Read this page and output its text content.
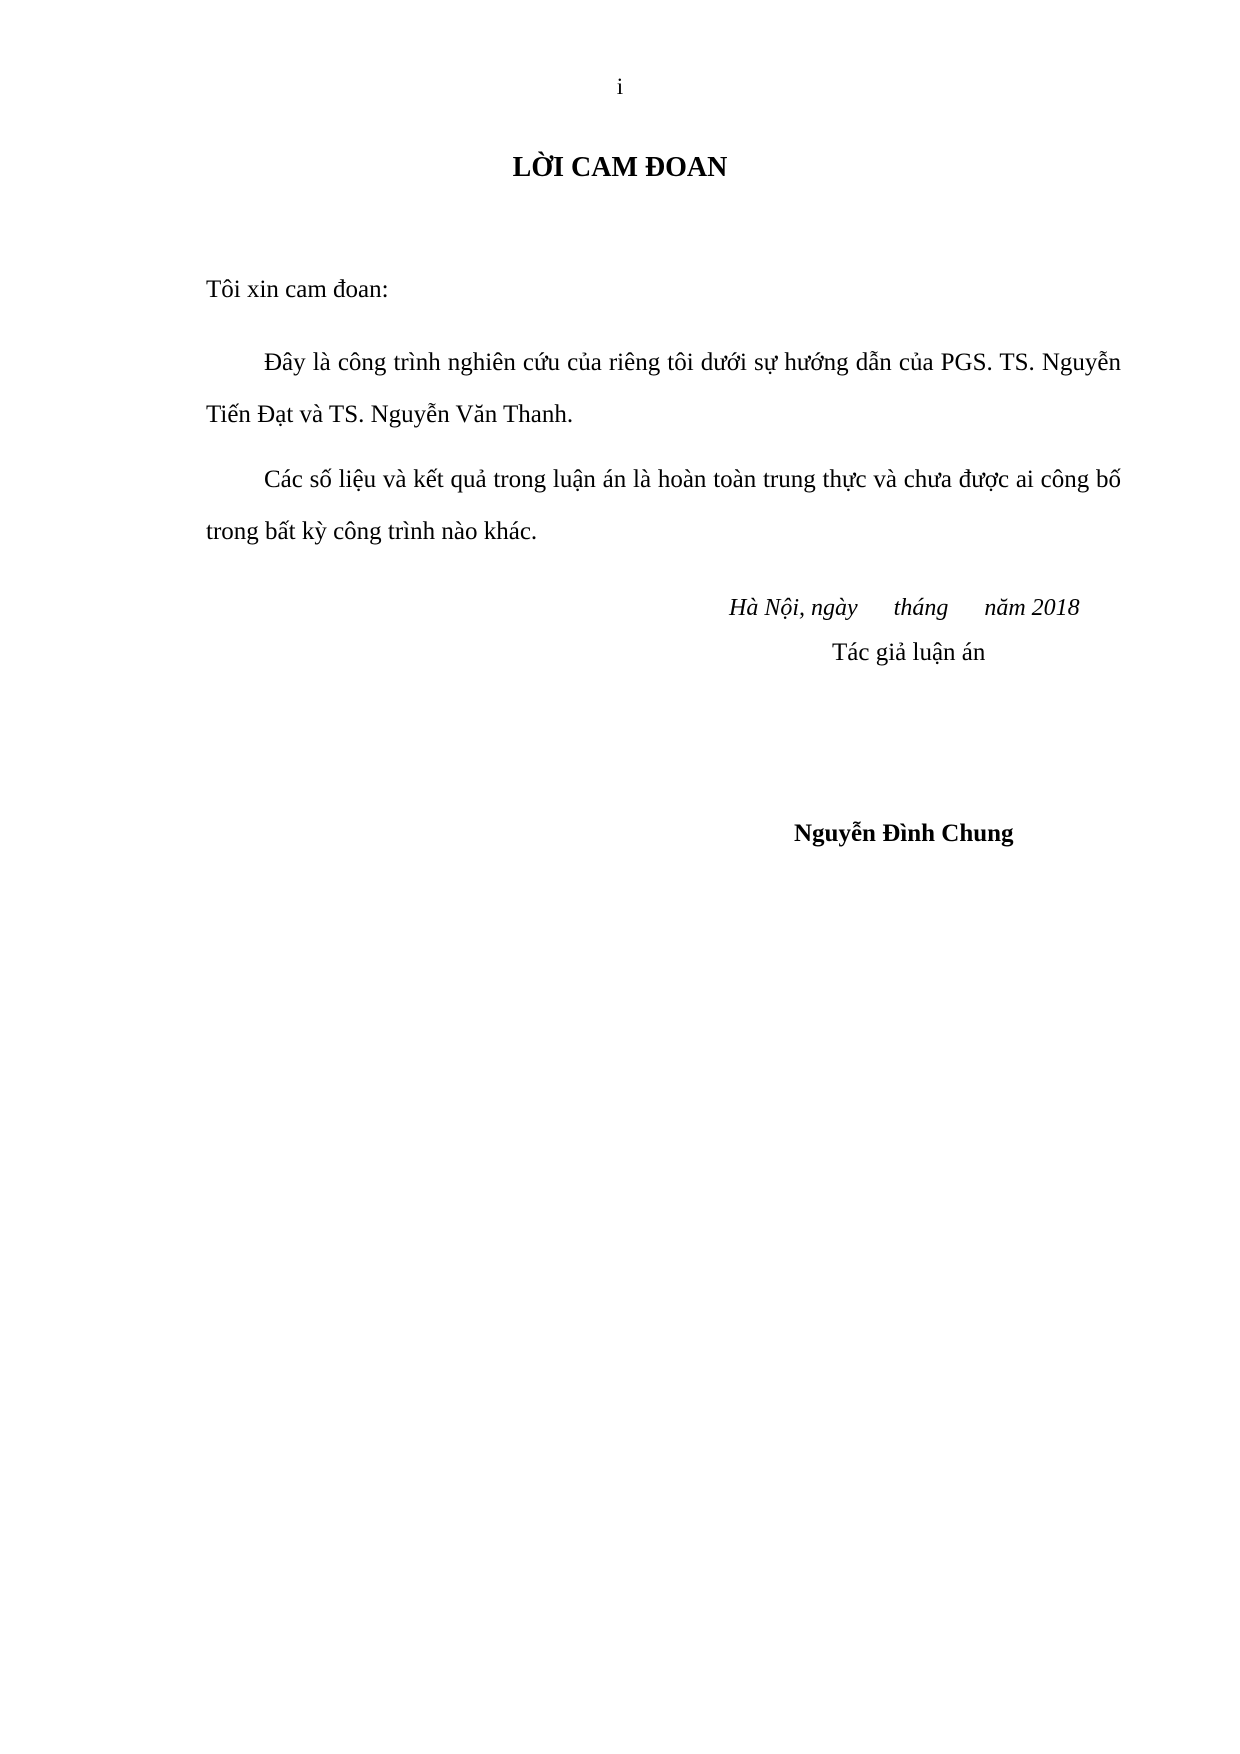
i
LỜI CAM ĐOAN
Tôi xin cam đoan:

Đây là công trình nghiên cứu của riêng tôi dưới sự hướng dẫn của PGS. TS. Nguyễn Tiến Đạt và TS. Nguyễn Văn Thanh.

Các số liệu và kết quả trong luận án là hoàn toàn trung thực và chưa được ai công bố trong bất kỳ công trình nào khác.

Hà Nội, ngày      tháng      năm 2018
Tác giả luận án
Nguyễn Đình Chung
